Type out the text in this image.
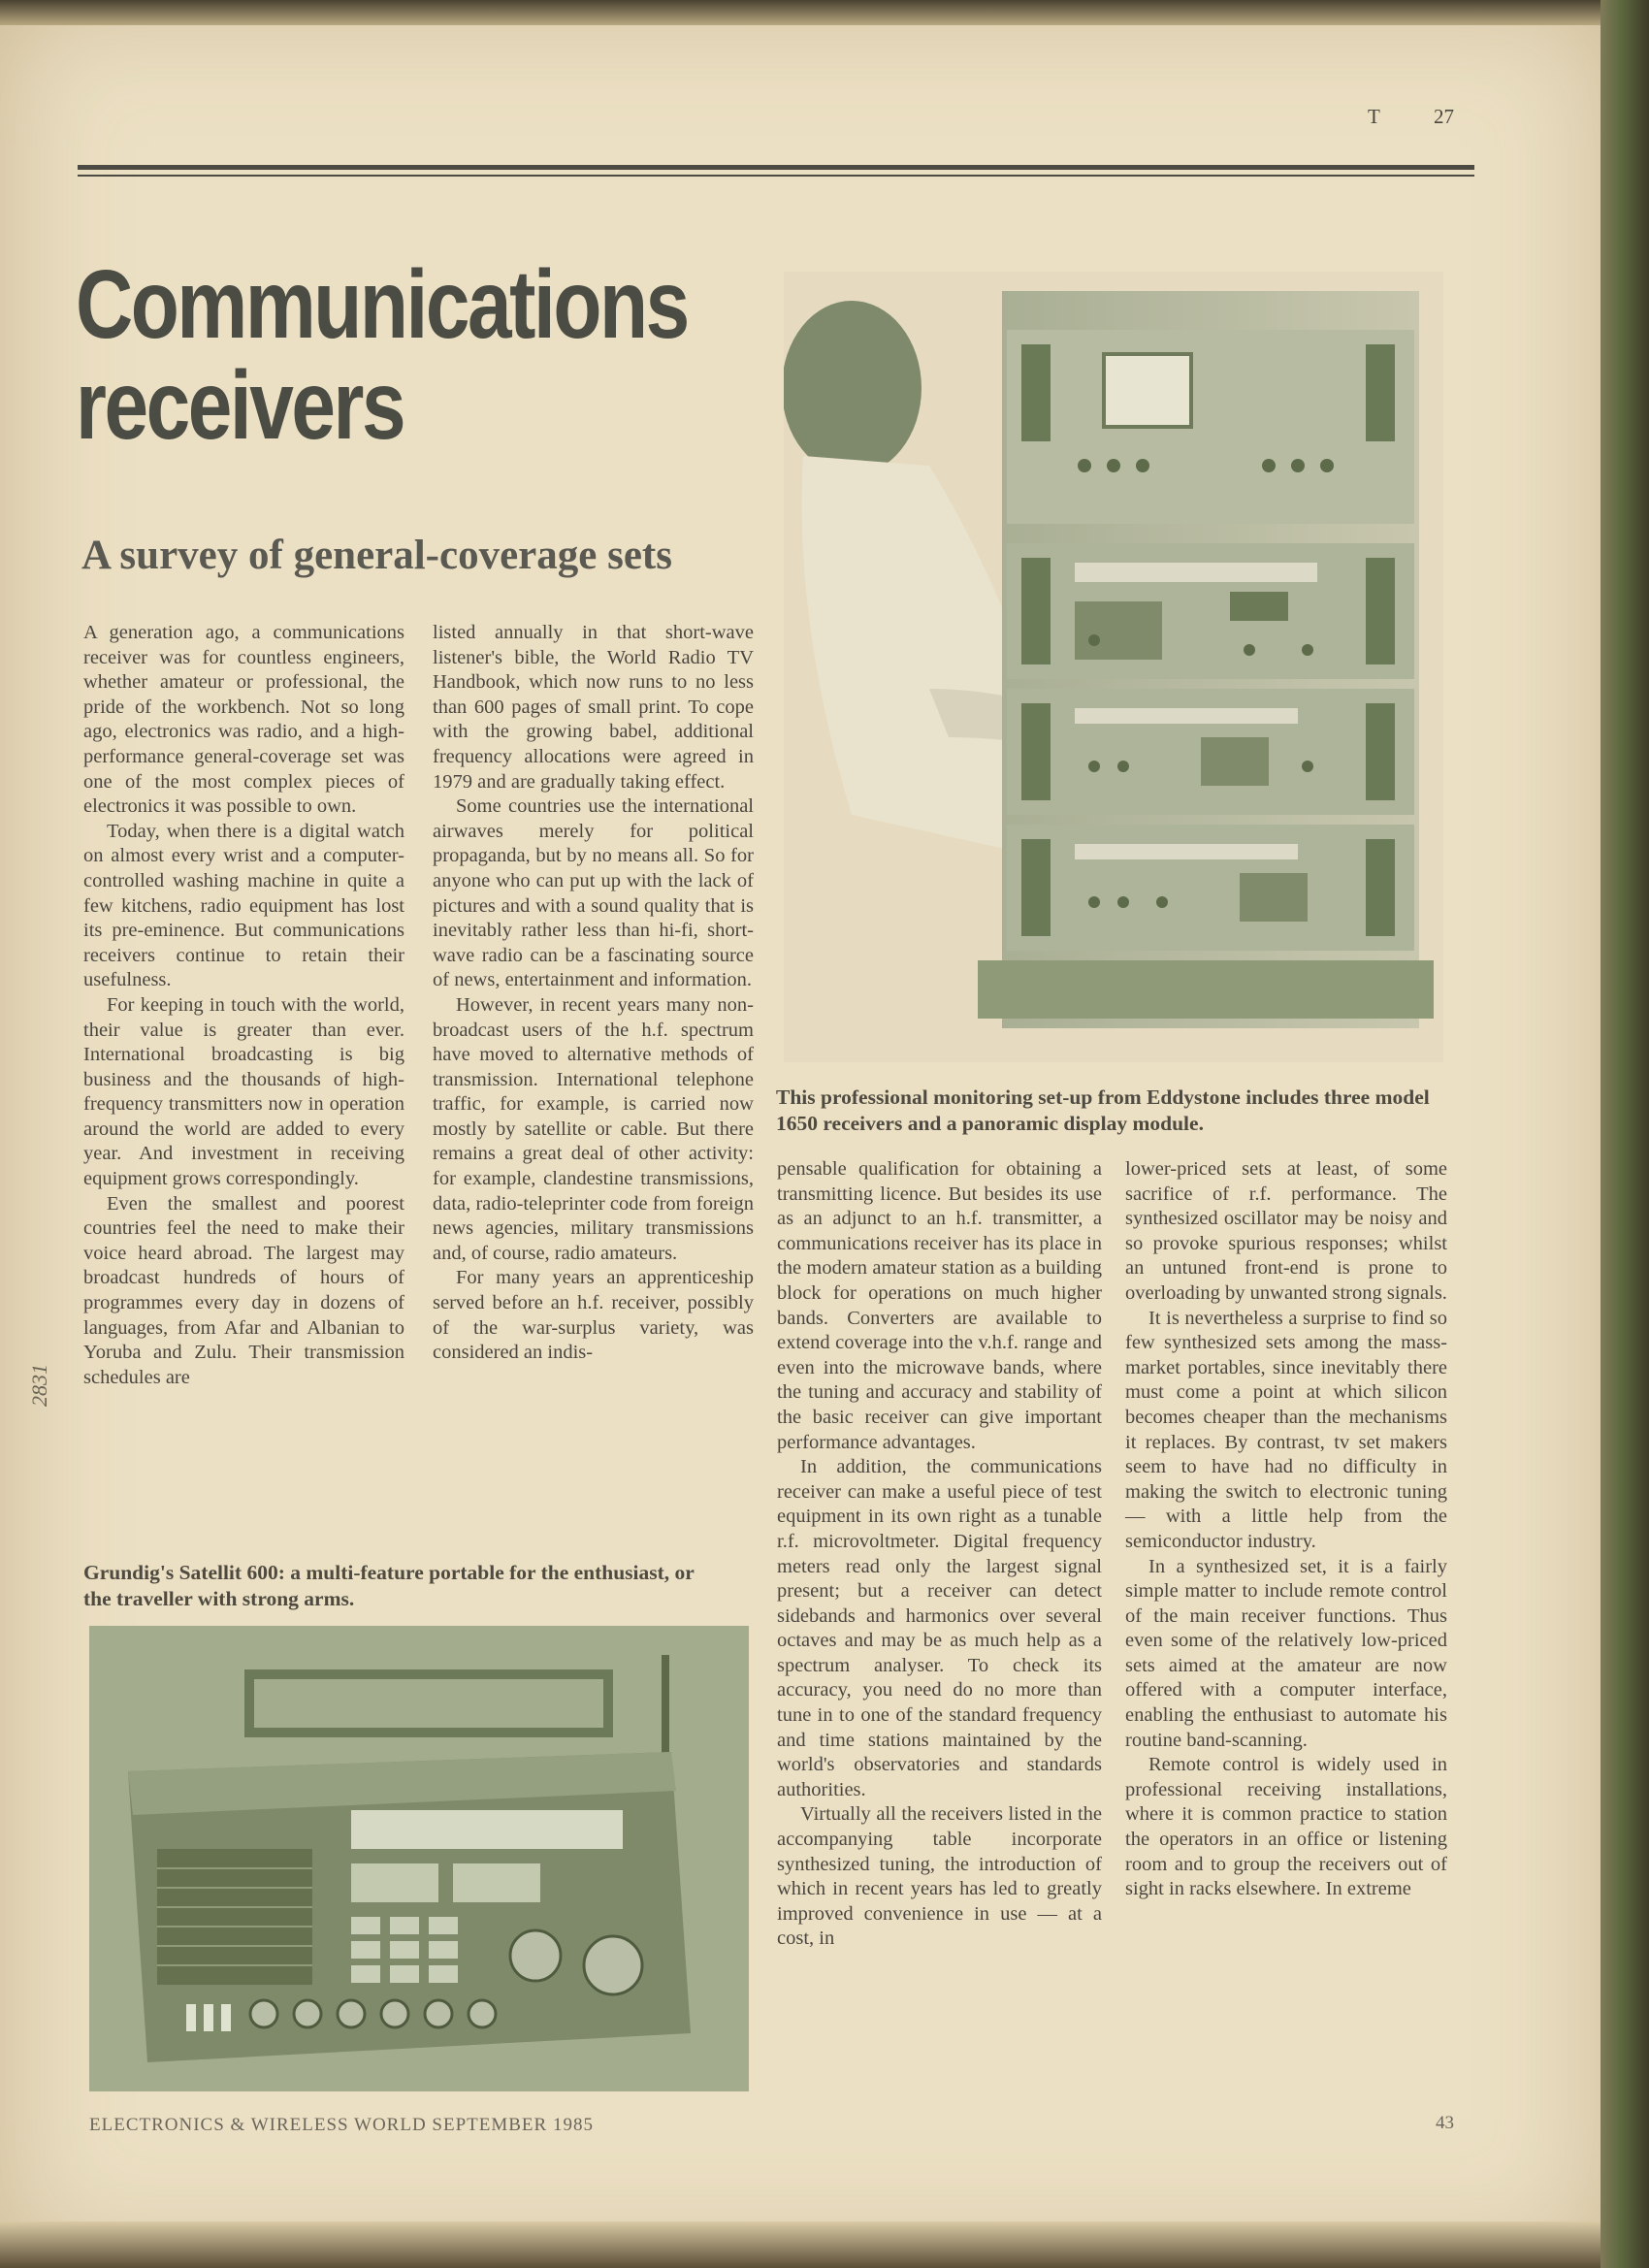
T 27
Communications
receivers
A survey of general-coverage sets
This professional monitoring set-up from Eddystone includes three model 1650 receivers and a panoramic display module.

A generation ago, a communications receiver was for countless engineers, whether amateur or professional, the pride of the workbench. Not so long ago, electronics was radio, and a high-performance general-coverage set was one of the most complex pieces of electronics it was possible to own.

Today, when there is a digital watch on almost every wrist and a computer-controlled washing machine in quite a few kitchens, radio equipment has lost its pre-eminence. But communications receivers continue to retain their usefulness.

For keeping in touch with the world, their value is greater than ever. International broadcasting is big business and the thousands of high-frequency transmitters now in operation around the world are added to every year. And investment in receiving equipment grows correspondingly.

Even the smallest and poorest countries feel the need to make their voice heard abroad. The largest may broadcast hundreds of hours of programmes every day in dozens of languages, from Afar and Albanian to Yoruba and Zulu. Their transmission schedules are

listed annually in that short-wave listener's bible, the World Radio TV Handbook, which now runs to no less than 600 pages of small print. To cope with the growing babel, additional frequency allocations were agreed in 1979 and are gradually taking effect.

Some countries use the international airwaves merely for political propaganda, but by no means all. So for anyone who can put up with the lack of pictures and with a sound quality that is inevitably rather less than hi-fi, short-wave radio can be a fascinating source of news, entertainment and information.

However, in recent years many non-broadcast users of the h.f. spectrum have moved to alternative methods of transmission. International telephone traffic, for example, is carried now mostly by satellite or cable. But there remains a great deal of other activity: for example, clandestine transmissions, data, radio-teleprinter code from foreign news agencies, military transmissions and, of course, radio amateurs.

For many years an apprenticeship served before an h.f. receiver, possibly of the war-surplus variety, was considered an indis-

pensable qualification for obtaining a transmitting licence. But besides its use as an adjunct to an h.f. transmitter, a communications receiver has its place in the modern amateur station as a building block for operations on much higher bands. Converters are available to extend coverage into the v.h.f. range and even into the microwave bands, where the tuning and accuracy and stability of the basic receiver can give important performance advantages.

In addition, the communications receiver can make a useful piece of test equipment in its own right as a tunable r.f. microvoltmeter. Digital frequency meters read only the largest signal present; but a receiver can detect sidebands and harmonics over several octaves and may be as much help as a spectrum analyser. To check its accuracy, you need do no more than tune in to one of the standard frequency and time stations maintained by the world's observatories and standards authorities.

Virtually all the receivers listed in the accompanying table incorporate synthesized tuning, the introduction of which in recent years has led to greatly improved convenience in use — at a cost, in

lower-priced sets at least, of some sacrifice of r.f. performance. The synthesized oscillator may be noisy and so provoke spurious responses; whilst an untuned front-end is prone to overloading by unwanted strong signals.

It is nevertheless a surprise to find so few synthesized sets among the mass-market portables, since inevitably there must come a point at which silicon becomes cheaper than the mechanisms it replaces. By contrast, tv set makers seem to have had no difficulty in making the switch to electronic tuning — with a little help from the semiconductor industry.

In a synthesized set, it is a fairly simple matter to include remote control of the main receiver functions. Thus even some of the relatively low-priced sets aimed at the amateur are now offered with a computer interface, enabling the enthusiast to automate his routine band-scanning.

Remote control is widely used in professional receiving installations, where it is common practice to station the operators in an office or listening room and to group the receivers out of sight in racks elsewhere. In extreme

Grundig's Satellit 600: a multi-feature portable for the enthusiast, or the traveller with strong arms.
ELECTRONICS & WIRELESS WORLD SEPTEMBER 1985	43
2831
